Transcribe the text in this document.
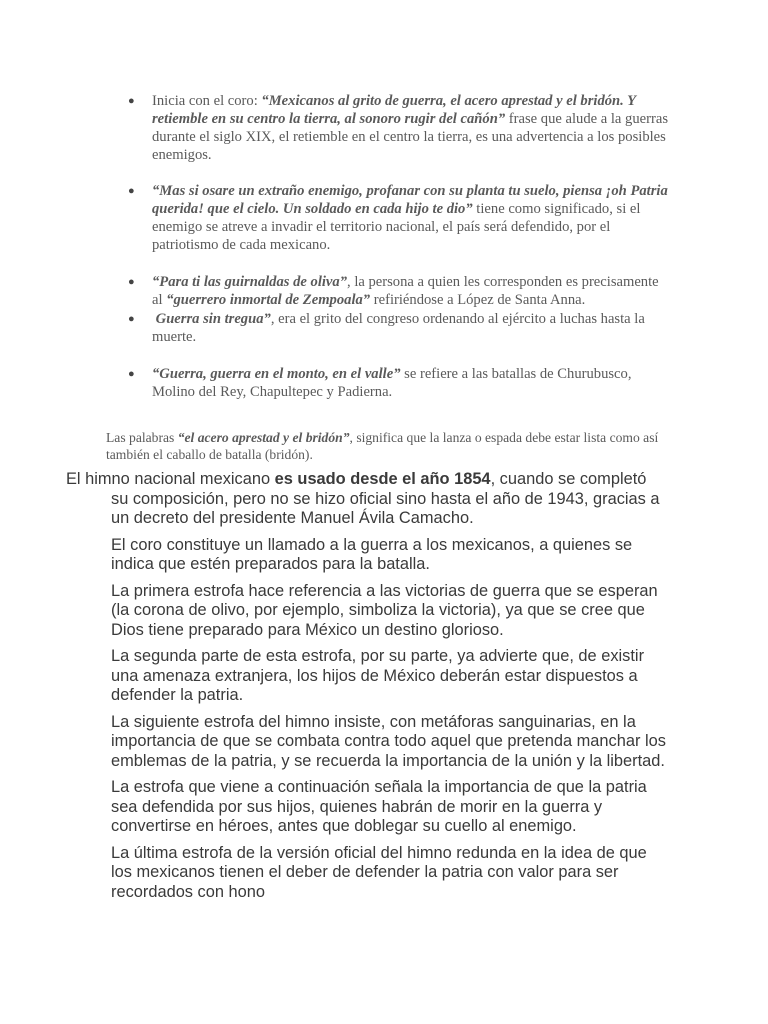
● Inicia con el coro: “Mexicanos al grito de guerra, el acero aprestad y el bridón. Y retiemble en su centro la tierra, al sonoro rugir del cañón” frase que alude a la guerras durante el siglo XIX, el retiemble en el centro la tierra, es una advertencia a los posibles enemigos.
● “Mas si osare un extraño enemigo, profanar con su planta tu suelo, piensa ¡oh Patria querida! que el cielo. Un soldado en cada hijo te dio” tiene como significado, si el enemigo se atreve a invadir el territorio nacional, el país será defendido, por el patriotismo de cada mexicano.
● “Para ti las guirnaldas de oliva”, la persona a quien les corresponden es precisamente al “guerrero inmortal de Zempoala” refiriéndose a López de Santa Anna.
● Guerra sin tregua”, era el grito del congreso ordenando al ejército a luchas hasta la muerte.
● “Guerra, guerra en el monto, en el valle” se refiere a las batallas de Churubusco, Molino del Rey, Chapultepec y Padierna.
Las palabras “el acero aprestad y el bridón”, significa que la lanza o espada debe estar lista como así también el caballo de batalla (bridón).

El himno nacional mexicano es usado desde el año 1854, cuando se completó su composición, pero no se hizo oficial sino hasta el año de 1943, gracias a un decreto del presidente Manuel Ávila Camacho.

El coro constituye un llamado a la guerra a los mexicanos, a quienes se indica que estén preparados para la batalla.

La primera estrofa hace referencia a las victorias de guerra que se esperan (la corona de olivo, por ejemplo, simboliza la victoria), ya que se cree que Dios tiene preparado para México un destino glorioso.

La segunda parte de esta estrofa, por su parte, ya advierte que, de existir una amenaza extranjera, los hijos de México deberán estar dispuestos a defender la patria.

La siguiente estrofa del himno insiste, con metáforas sanguinarias, en la importancia de que se combata contra todo aquel que pretenda manchar los emblemas de la patria, y se recuerda la importancia de la unión y la libertad.

La estrofa que viene a continuación señala la importancia de que la patria sea defendida por sus hijos, quienes habrán de morir en la guerra y convertirse en héroes, antes que doblegar su cuello al enemigo.

La última estrofa de la versión oficial del himno redunda en la idea de que los mexicanos tienen el deber de defender la patria con valor para ser recordados con hono
